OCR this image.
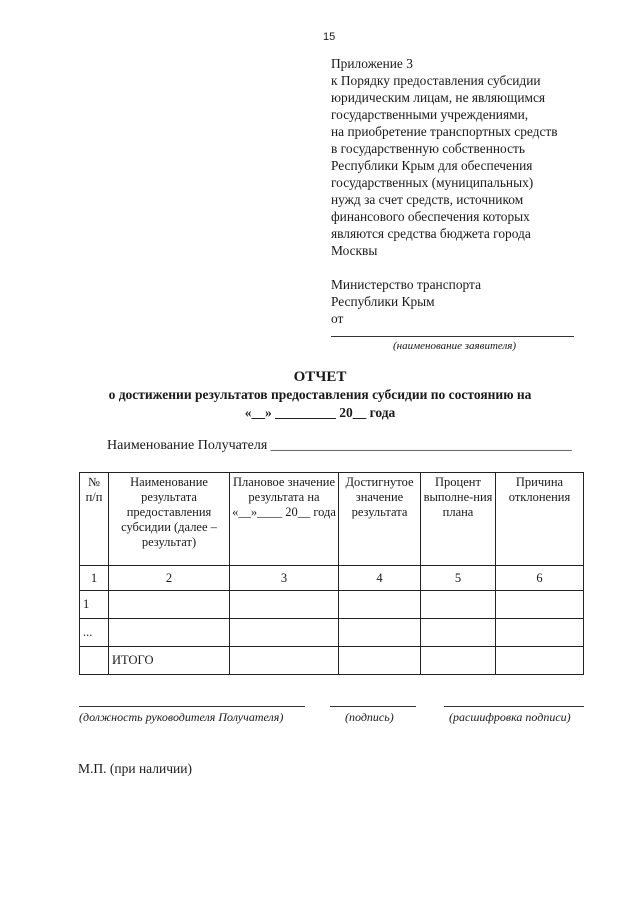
15
Приложение 3
к Порядку предоставления субсидии
юридическим лицам, не являющимся
государственными учреждениями,
на приобретение транспортных средств
в государственную собственность
Республики Крым для обеспечения
государственных (муниципальных)
нужд за счет средств, источником
финансового обеспечения которых
являются средства бюджета города
Москвы
Министерство транспорта
Республики Крым
от
(наименование заявителя)
ОТЧЕТ
о достижении результатов предоставления субсидии по состоянию на
«__» _________ 20__ года
Наименование Получателя ___________________________________________
№ п/п	Наименование результата предоставления субсидии (далее – результат)	Плановое значение результата на «__»____ 20__ года	Достигнутое значение результата	Процент выполне-ния плана	Причина отклонения
1	2	3	4	5	6
1					
...					
	ИТОГО				
(должность руководителя Получателя)	(подпись)	(расшифровка подписи)
М.П. (при наличии)
